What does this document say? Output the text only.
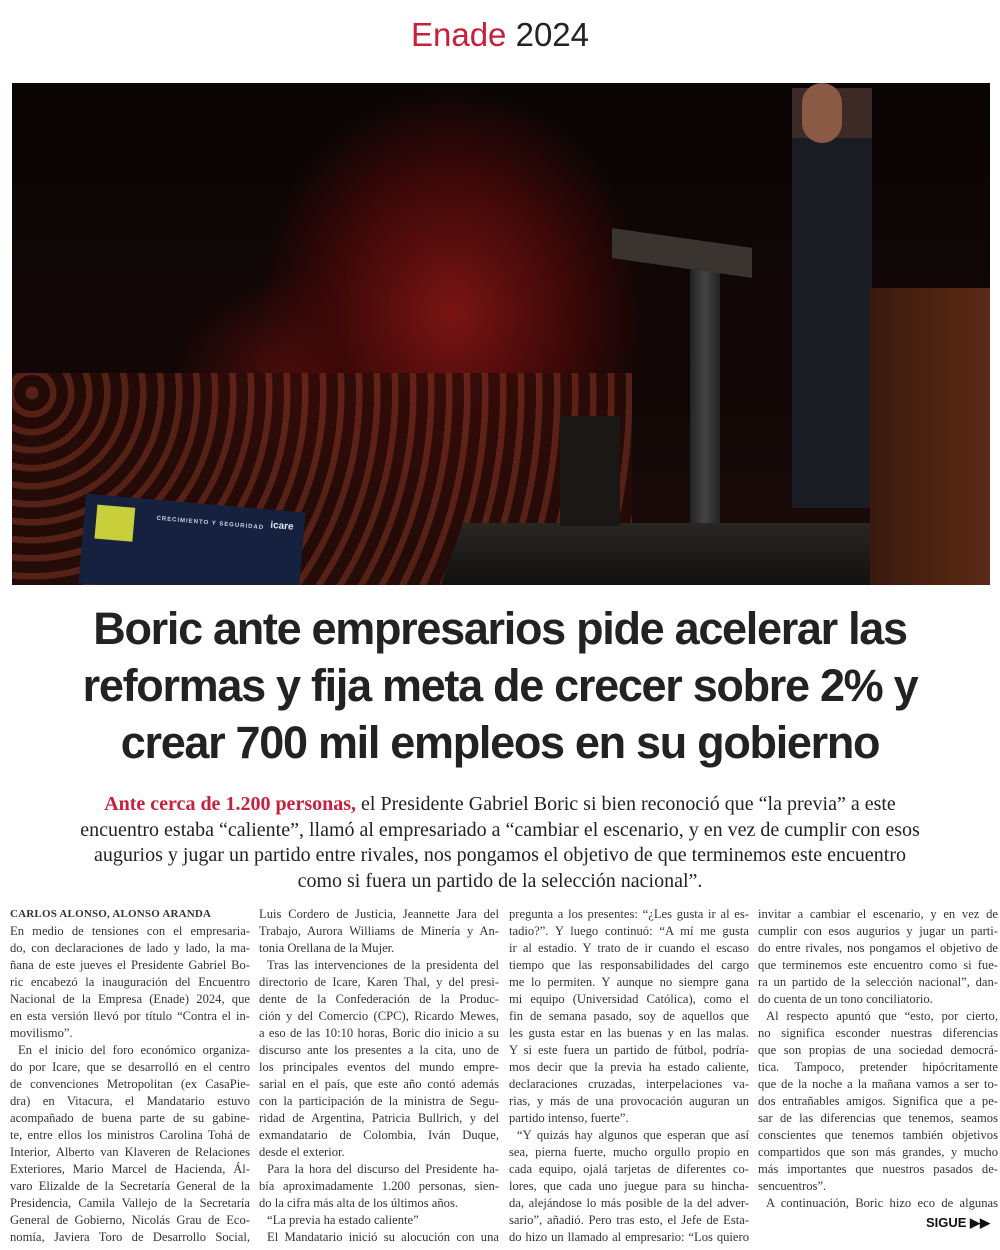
Enade 2024
CRECIMIENTO Y SEGURIDAD icare
Boric ante empresarios pide acelerar las
reformas y fija meta de crecer sobre 2% y
crear 700 mil empleos en su gobierno
Ante cerca de 1.200 personas, el Presidente Gabriel Boric si bien reconoció que “la previa” a este
encuentro estaba “caliente”, llamó al empresariado a “cambiar el escenario, y en vez de cumplir con esos
augurios y jugar un partido entre rivales, nos pongamos el objetivo de que terminemos este encuentro
como si fuera un partido de la selección nacional”.
CARLOS ALONSO, ALONSO ARANDA
En medio de tensiones con el empresaria-
do, con declaraciones de lado y lado, la ma-
ñana de este jueves el Presidente Gabriel Bo-
ric encabezó la inauguración del Encuentro
Nacional de la Empresa (Enade) 2024, que
en esta versión llevó por título “Contra el in-
movilismo”.
En el inicio del foro económico organiza-
do por Icare, que se desarrolló en el centro
de convenciones Metropolitan (ex CasaPie-
dra) en Vitacura, el Mandatario estuvo
acompañado de buena parte de su gabine-
te, entre ellos los ministros Carolina Tohá de
Interior, Alberto van Klaveren de Relaciones
Exteriores, Mario Marcel de Hacienda, Ál-
varo Elizalde de la Secretaría General de la
Presidencia, Camila Vallejo de la Secretaría
General de Gobierno, Nicolás Grau de Eco-
nomía, Javiera Toro de Desarrollo Social,
Luis Cordero de Justicia, Jeannette Jara del
Trabajo, Aurora Williams de Minería y An-
tonia Orellana de la Mujer.
Tras las intervenciones de la presidenta del
directorio de Icare, Karen Thal, y del presi-
dente de la Confederación de la Produc-
ción y del Comercio (CPC), Ricardo Mewes,
a eso de las 10:10 horas, Boric dio inicio a su
discurso ante los presentes a la cita, uno de
los principales eventos del mundo empre-
sarial en el país, que este año contó además
con la participación de la ministra de Segu-
ridad de Argentina, Patricia Bullrich, y del
exmandatario de Colombia, Iván Duque,
desde el exterior.
Para la hora del discurso del Presidente ha-
bía aproximadamente 1.200 personas, sien-
do la cifra más alta de los últimos años.
“La previa ha estado caliente”
El Mandatario inició su alocución con una
pregunta a los presentes: “¿Les gusta ir al es-
tadio?”. Y luego continuó: “A mí me gusta
ir al estadio. Y trato de ir cuando el escaso
tiempo que las responsabilidades del cargo
me lo permiten. Y aunque no siempre gana
mi equipo (Universidad Católica), como el
fin de semana pasado, soy de aquellos que
les gusta estar en las buenas y en las malas.
Y si este fuera un partido de fútbol, podría-
mos decir que la previa ha estado caliente,
declaraciones cruzadas, interpelaciones va-
rias, y más de una provocación auguran un
partido intenso, fuerte”.
“Y quizás hay algunos que esperan que así
sea, pierna fuerte, mucho orgullo propio en
cada equipo, ojalá tarjetas de diferentes co-
lores, que cada uno juegue para su hincha-
da, alejándose lo más posible de la del adver-
sario”, añadió. Pero tras esto, el Jefe de Esta-
do hizo un llamado al empresario: “Los quiero
invitar a cambiar el escenario, y en vez de
cumplir con esos augurios y jugar un parti-
do entre rivales, nos pongamos el objetivo de
que terminemos este encuentro como si fue-
ra un partido de la selección nacional”, dan-
do cuenta de un tono conciliatorio.
Al respecto apuntó que “esto, por cierto,
no significa esconder nuestras diferencias
que son propias de una sociedad democrá-
tica. Tampoco, pretender hipócritamente
que de la noche a la mañana vamos a ser to-
dos entrañables amigos. Significa que a pe-
sar de las diferencias que tenemos, seamos
conscientes que tenemos también objetivos
compartidos que son más grandes, y mucho
más importantes que nuestros pasados de-
sencuentros”.
A continuación, Boric hizo eco de algunas
SIGUE ▶▶
